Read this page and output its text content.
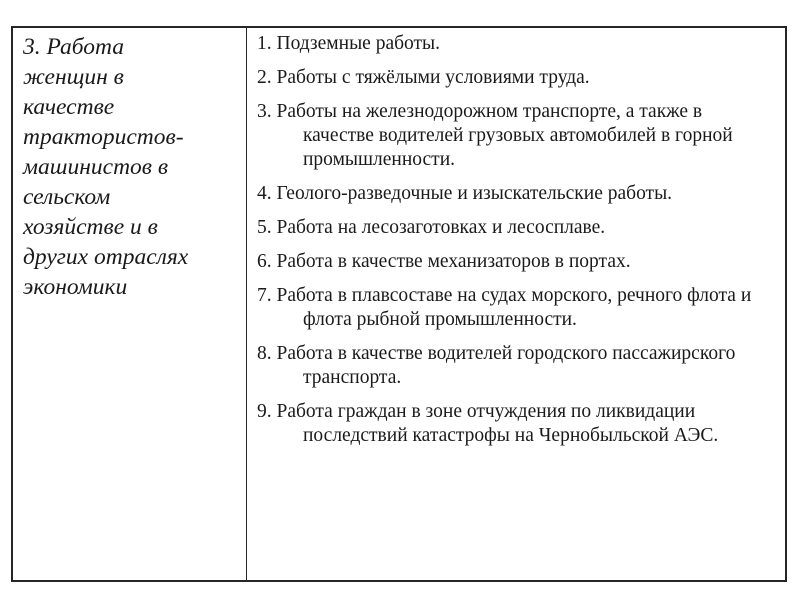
3. Работа
женщин в
качестве
трактористов-
машинистов в
сельском
хозяйстве и в
других отраслях
экономики

1. Подземные работы.

2. Работы с тяжёлыми условиями труда.

3. Работы на железнодорожном транспорте, а также в качестве водителей грузовых автомобилей в горной промышленности.

4. Геолого-разведочные и изыскательские работы.

5. Работа на лесозаготовках и лесосплаве.

6. Работа в качестве механизаторов в портах.

7. Работа в плавсоставе на судах морского, речного флота и флота рыбной промышленности.

8. Работа в качестве водителей городского пассажирского транспорта.

9. Работа граждан в зоне отчуждения по ликвидации последствий катастрофы на Чернобыльской АЭС.
